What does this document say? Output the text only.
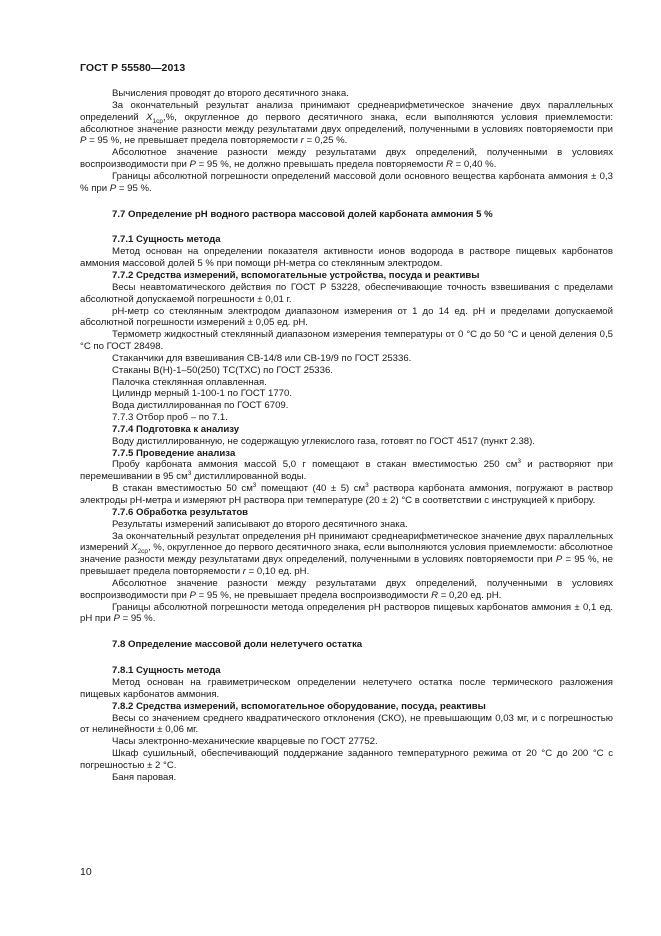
ГОСТ Р 55580—2013

Вычисления проводят до второго десятичного знака.

За окончательный результат анализа принимают среднеарифметическое значение двух параллельных определений $X_{1ср},\%$, округленное до первого десятичного знака, если выполняются условия приемлемости: абсолютное значение разности между результатами двух определений, полученными в условиях повторяемости при P = 95 %, не превышает предела повторяемости r = 0,25 %.

Абсолютное значение разности между результатами двух определений, полученными в условиях воспроизводимости при P = 95 %, не должно превышать предела повторяемости R = 0,40 %.

Границы абсолютной погрешности определений массовой доли основного вещества карбоната аммония ± 0,3 % при P = 95 %.

7.7 Определение рН водного раствора массовой долей карбоната аммония 5 %

7.7.1 Сущность метода

Метод основан на определении показателя активности ионов водорода в растворе пищевых карбонатов аммония массовой долей 5 % при помощи рН-метра со стеклянным электродом.

7.7.2 Средства измерений, вспомогательные устройства, посуда и реактивы

Весы неавтоматического действия по ГОСТ Р 53228, обеспечивающие точность взвешивания с пределами абсолютной допускаемой погрешности ± 0,01 г.

рН-метр со стеклянным электродом диапазоном измерения от 1 до 14 ед. рН и пределами допускаемой абсолютной погрешности измерений ± 0,05 ед. рН.

Термометр жидкостный стеклянный диапазоном измерения температуры от 0 °С до 50 °С и ценой деления 0,5 °С по ГОСТ 28498.

Стаканчики для взвешивания СВ-14/8 или СВ-19/9 по ГОСТ 25336.

Стаканы В(Н)-1–50(250) ТС(ТХС) по ГОСТ 25336.

Палочка стеклянная оплавленная.

Цилиндр мерный 1-100-1 по ГОСТ 1770.

Вода дистиллированная по ГОСТ 6709.

7.7.3 Отбор проб – по 7.1.

7.7.4 Подготовка к анализу

Воду дистиллированную, не содержащую углекислого газа, готовят по ГОСТ 4517 (пункт 2.38).

7.7.5 Проведение анализа

Пробу карбоната аммония массой 5,0 г помещают в стакан вместимостью 250 $см^3$ и растворяют при перемешивании в 95 $см^3$ дистиллированной воды.

В стакан вместимостью 50 $см^3$ помещают (40 ± 5) $см^3$ раствора карбоната аммония, погружают в раствор электроды рН-метра и измеряют рН раствора при температуре (20 ± 2) °С в соответствии с инструкцией к прибору.

7.7.6 Обработка результатов

Результаты измерений записывают до второго десятичного знака.

За окончательный результат определения рН принимают среднеарифметическое значение двух параллельных измерений $X_{2ср}$, %, округленное до первого десятичного знака, если выполняются условия приемлемости: абсолютное значение разности между результатами двух определений, полученными в условиях повторяемости при P = 95 %, не превышает предела повторяемости r = 0,10 ед. рН.

Абсолютное значение разности между результатами двух определений, полученными в условиях воспроизводимости при P = 95 %, не превышает предела воспроизводимости R = 0,20 ед. рН.

Границы абсолютной погрешности метода определения рН растворов пищевых карбонатов аммония ± 0,1 ед. рН при P = 95 %.

7.8 Определение массовой доли нелетучего остатка

7.8.1 Сущность метода

Метод основан на гравиметрическом определении нелетучего остатка после термического разложения пищевых карбонатов аммония.

7.8.2 Средства измерений, вспомогательное оборудование, посуда, реактивы

Весы со значением среднего квадратического отклонения (СКО), не превышающим 0,03 мг, и с погрешностью от нелинейности ± 0,06 мг.

Часы электронно-механические кварцевые по ГОСТ 27752.

Шкаф сушильный, обеспечивающий поддержание заданного температурного режима от 20 °С до 200 °С с погрешностью ± 2 °С.

Баня паровая.

10
